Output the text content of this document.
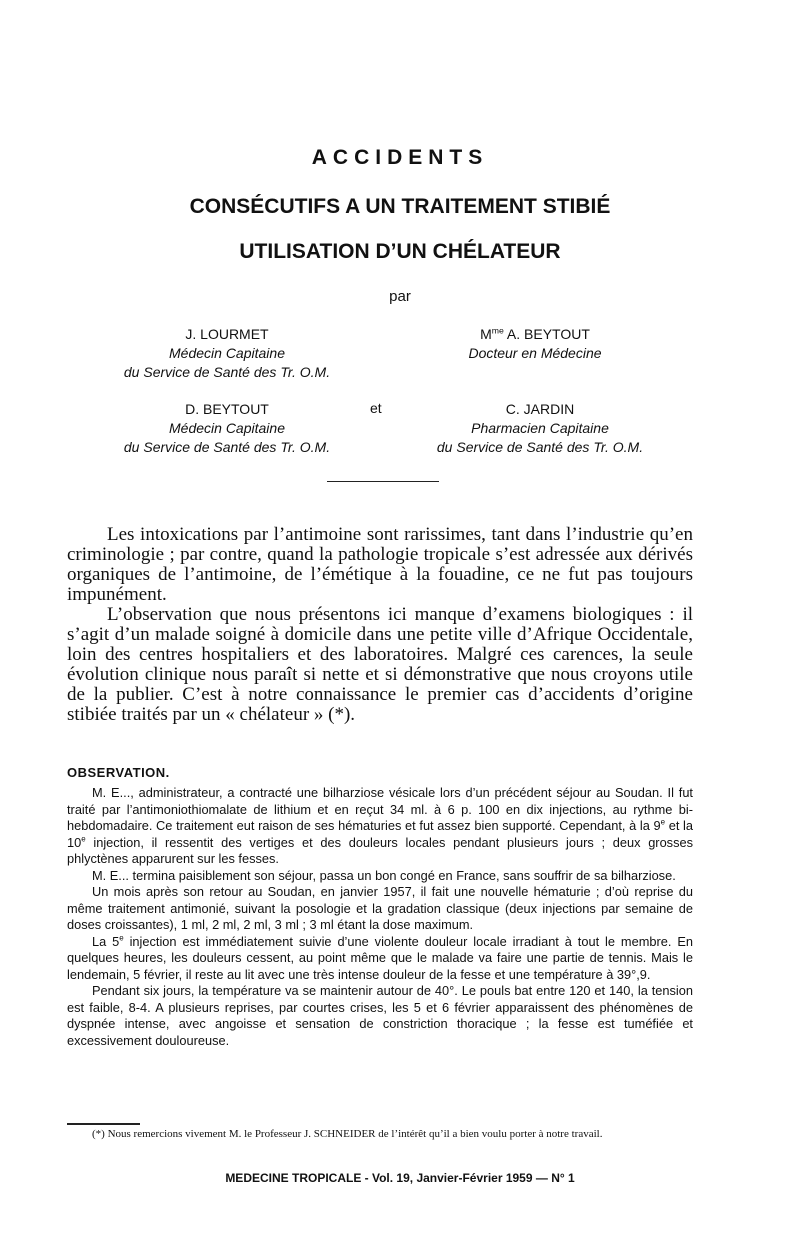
ACCIDENTS
CONSÉCUTIFS A UN TRAITEMENT STIBIÉ
UTILISATION D’UN CHÉLATEUR
par
J. LOURMET
Médecin Capitaine
du Service de Santé des Tr. O.M.
$M^{me}$ A. BEYTOUT
Docteur en Médecine
D. BEYTOUT
Médecin Capitaine
du Service de Santé des Tr. O.M.
et	C. JARDIN
Pharmacien Capitaine
du Service de Santé des Tr. O.M.

Les intoxications par l’antimoine sont rarissimes, tant dans l’industrie qu’en criminologie ; par contre, quand la pathologie tropicale s’est adressée aux dérivés organiques de l’antimoine, de l’émétique à la fouadine, ce ne fut pas toujours impunément.

L’observation que nous présentons ici manque d’examens biologiques : il s’agit d’un malade soigné à domicile dans une petite ville d’Afrique Occidentale, loin des centres hospitaliers et des laboratoires. Malgré ces carences, la seule évolution clinique nous paraît si nette et si démonstrative que nous croyons utile de la publier. C’est à notre connaissance le premier cas d’accidents d’origine stibiée traités par un « chélateur » (*).

OBSERVATION.

M. E..., administrateur, a contracté une bilharziose vésicale lors d’un précédent séjour au Soudan. Il fut traité par l’antimoniothiomalate de lithium et en reçut 34 ml. à 6 p. 100 en dix injections, au rythme bi-hebdomadaire. Ce traitement eut raison de ses hématuries et fut assez bien supporté. Cependant, à la 9e et la 10e injection, il ressentit des vertiges et des douleurs locales pendant plusieurs jours ; deux grosses phlyctènes apparurent sur les fesses.

M. E... termina paisiblement son séjour, passa un bon congé en France, sans souffrir de sa bilharziose.

Un mois après son retour au Soudan, en janvier 1957, il fait une nouvelle hématurie ; d’où reprise du même traitement antimonié, suivant la posologie et la gradation classique (deux injections par semaine de doses croissantes), 1 ml, 2 ml, 2 ml, 3 ml ; 3 ml étant la dose maximum.

La 5e injection est immédiatement suivie d’une violente douleur locale irradiant à tout le membre. En quelques heures, les douleurs cessent, au point même que le malade va faire une partie de tennis. Mais le lendemain, 5 février, il reste au lit avec une très intense douleur de la fesse et une température à 39°,9.

Pendant six jours, la température va se maintenir autour de 40°. Le pouls bat entre 120 et 140, la tension est faible, 8-4. A plusieurs reprises, par courtes crises, les 5 et 6 février apparaissent des phénomènes de dyspnée intense, avec angoisse et sensation de constriction thoracique ; la fesse est tuméfiée et excessivement douloureuse.

(*) Nous remercions vivement M. le Professeur J. SCHNEIDER de l’intérêt qu’il a bien voulu porter à notre travail.

MEDECINE TROPICALE - Vol. 19, Janvier-Février 1959 — N° 1
